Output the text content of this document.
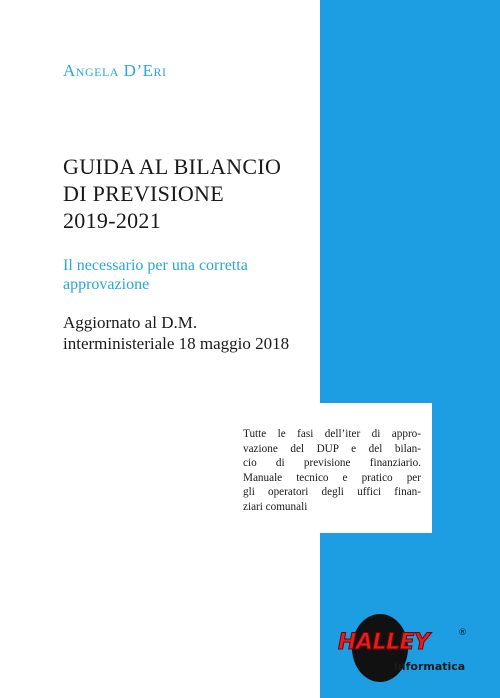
Angela D’Eri
GUIDA AL BILANCIO
DI PREVISIONE
2019-2021
Il necessario per una corretta
approvazione
Aggiornato al D.M.
interministeriale 18 maggio 2018
Tutte le fasi dell’iter di appro-
vazione del DUP e del bilan-
cio di previsione finanziario.
Manuale tecnico e pratico per
gli operatori degli uffici finan-
ziari comunali
HALLEY	®
informatica
